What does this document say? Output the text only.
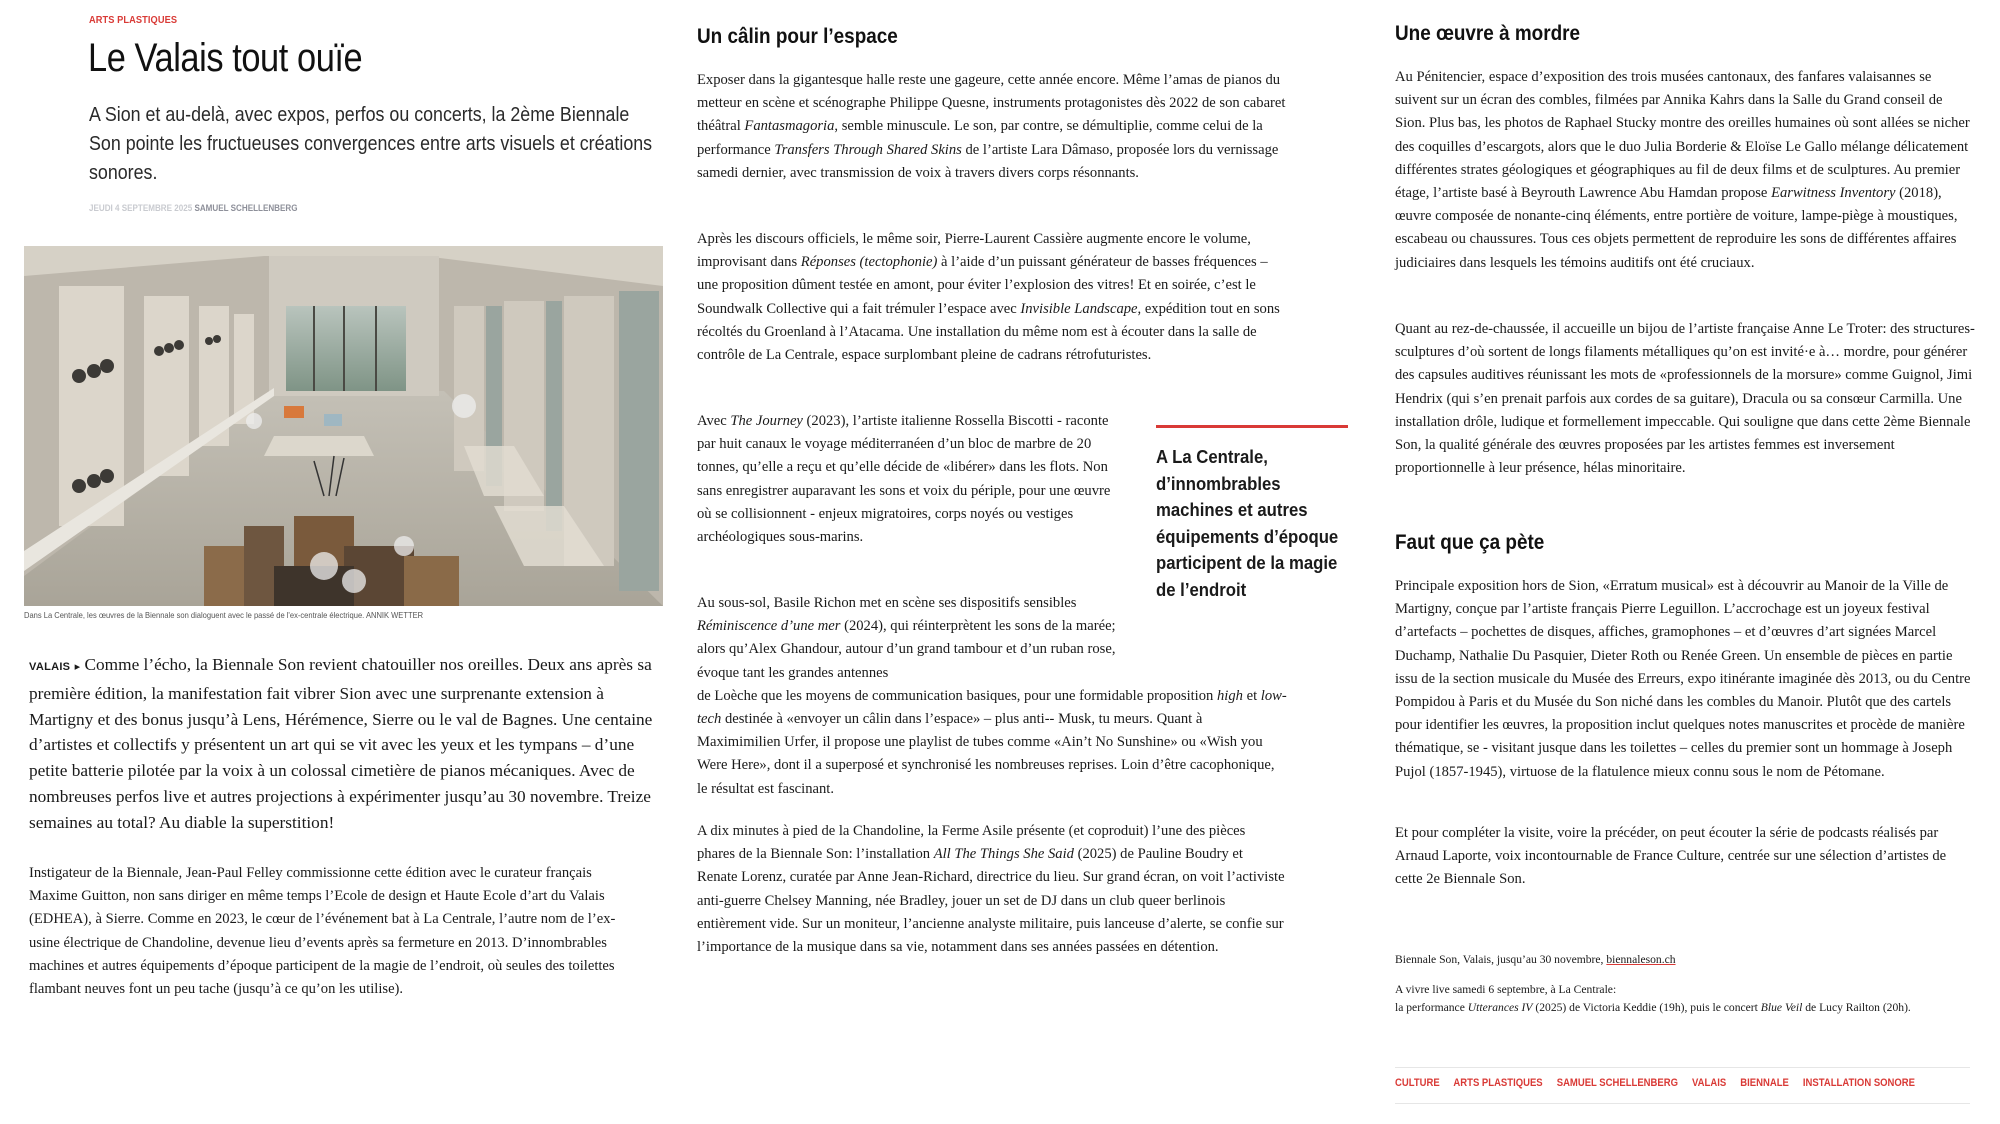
ARTS PLASTIQUES
Le Valais tout ouïe
A Sion et au-delà, avec expos, perfos ou concerts, la 2ème Biennale Son pointe les fructueuses convergences entre arts visuels et créations sonores.
JEUDI 4 SEPTEMBRE 2025 SAMUEL SCHELLENBERG
Dans La Centrale, les œuvres de la Biennale son dialoguent avec le passé de l'ex-centrale électrique. ANNIK WETTER
VALAIS ▸ Comme l’écho, la Biennale Son revient chatouiller nos oreilles. Deux ans après sa première édition, la manifestation fait vibrer Sion avec une surprenante extension à Martigny et des bonus jusqu’à Lens, Hérémence, Sierre ou le val de Bagnes. Une centaine d’artistes et collectifs y présentent un art qui se vit avec les yeux et les tympans – d’une petite batterie pilotée par la voix à un colossal cimetière de pianos mécaniques. Avec de nombreuses perfos live et autres projections à expérimenter jusqu’au 30 novembre. Treize semaines au total? Au diable la superstition!
Instigateur de la Biennale, Jean-Paul Felley commissionne cette édition avec le curateur français Maxime Guitton, non sans diriger en même temps l’Ecole de design et Haute Ecole d’art du Valais (EDHEA), à Sierre. Comme en 2023, le cœur de l’événement bat à La Centrale, l’autre nom de l’ex-usine électrique de Chandoline, devenue lieu d’events après sa fermeture en 2013. D’innombrables machines et autres équipements d’époque participent de la magie de l’endroit, où seules des toilettes flambant neuves font un peu tache (jusqu’à ce qu’on les utilise).
Un câlin pour l’espace

Exposer dans la gigantesque halle reste une gageure, cette année encore. Même l’amas de pianos du metteur en scène et scénographe Philippe Quesne, instruments protagonistes dès 2022 de son cabaret théâtral Fantasmagoria, semble minuscule. Le son, par contre, se démultiplie, comme celui de la performance Transfers Through Shared Skins de l’artiste Lara Dâmaso, proposée lors du vernissage samedi dernier, avec transmission de voix à travers divers corps résonnants.

Après les discours officiels, le même soir, Pierre-Laurent Cassière augmente encore le volume, improvisant dans Réponses (tectophonie) à l’aide d’un puissant générateur de basses fréquences – une proposition dûment testée en amont, pour éviter l’explosion des vitres! Et en soirée, c’est le Soundwalk Collective qui a fait trémuler l’espace avec Invisible Landscape, expédition tout en sons récoltés du Groenland à l’Atacama. Une installation du même nom est à écouter dans la salle de contrôle de La Centrale, espace surplombant pleine de cadrans rétrofuturistes.

Avec The Journey (2023), l’artiste italienne Rossella Biscotti - raconte par huit canaux le voyage méditerranéen d’un bloc de marbre de 20 tonnes, qu’elle a reçu et qu’elle décide de «libérer» dans les flots. Non sans enregistrer auparavant les sons et voix du périple, pour une œuvre où se collisionnent - enjeux migratoires, corps noyés ou vestiges archéologiques sous-marins.

Au sous-sol, Basile Richon met en scène ses dispositifs sensibles Réminiscence d’une mer (2024), qui réinterprètent les sons de la marée; alors qu’Alex Ghandour, autour d’un grand tambour et d’un ruban rose, évoque tant les grandes antennes
de Loèche que les moyens de communication basiques, pour une formidable proposition high et low-tech destinée à «envoyer un câlin dans l’espace» – plus anti-- Musk, tu meurs. Quant à Maximimilien Urfer, il propose une playlist de tubes comme «Ain’t No Sunshine» ou «Wish you Were Here», dont il a superposé et synchronisé les nombreuses reprises. Loin d’être cacophonique, le résultat est fascinant.

A dix minutes à pied de la Chandoline, la Ferme Asile présente (et coproduit) l’une des pièces phares de la Biennale Son: l’installation All The Things She Said (2025) de Pauline Boudry et Renate Lorenz, curatée par Anne Jean-Richard, directrice du lieu. Sur grand écran, on voit l’activiste anti-guerre Chelsey Manning, née Bradley, jouer un set de DJ dans un club queer berlinois entièrement vide. Sur un moniteur, l’ancienne analyste militaire, puis lanceuse d’alerte, se confie sur l’importance de la musique dans sa vie, notamment dans ses années passées en détention.

A La Centrale, d’innombrables machines et autres équipements d’époque participent de la magie de l’endroit
Une œuvre à mordre

Au Pénitencier, espace d’exposition des trois musées cantonaux, des fanfares valaisannes se suivent sur un écran des combles, filmées par Annika Kahrs dans la Salle du Grand conseil de Sion. Plus bas, les photos de Raphael Stucky montre des oreilles humaines où sont allées se nicher des coquilles d’escargots, alors que le duo Julia Borderie & Eloïse Le Gallo mélange délicatement différentes strates géologiques et géographiques au fil de deux films et de sculptures. Au premier étage, l’artiste basé à Beyrouth Lawrence Abu Hamdan propose Earwitness Inventory (2018), œuvre composée de nonante-cinq éléments, entre portière de voiture, lampe-piège à moustiques, escabeau ou chaussures. Tous ces objets permettent de reproduire les sons de différentes affaires judiciaires dans lesquels les témoins auditifs ont été cruciaux.

Quant au rez-de-chaussée, il accueille un bijou de l’artiste française Anne Le Troter: des structures-sculptures d’où sortent de longs filaments métalliques qu’on est invité·e à… mordre, pour générer des capsules auditives réunissant les mots de «professionnels de la morsure» comme Guignol, Jimi Hendrix (qui s’en prenait parfois aux cordes de sa guitare), Dracula ou sa consœur Carmilla. Une installation drôle, ludique et formellement impeccable. Qui souligne que dans cette 2ème Biennale Son, la qualité générale des œuvres proposées par les artistes femmes est inversement proportionnelle à leur présence, hélas minoritaire.

Faut que ça pète

Principale exposition hors de Sion, «Erratum musical» est à découvrir au Manoir de la Ville de Martigny, conçue par l’artiste français Pierre Leguillon. L’accrochage est un joyeux festival d’artefacts – pochettes de disques, affiches, gramophones – et d’œuvres d’art signées Marcel Duchamp, Nathalie Du Pasquier, Dieter Roth ou Renée Green. Un ensemble de pièces en partie issu de la section musicale du Musée des Erreurs, expo itinérante imaginée dès 2013, ou du Centre Pompidou à Paris et du Musée du Son niché dans les combles du Manoir. Plutôt que des cartels pour identifier les œuvres, la proposition inclut quelques notes manuscrites et procède de manière thématique, se - visitant jusque dans les toilettes – celles du premier sont un hommage à Joseph Pujol (1857-1945), virtuose de la flatulence mieux connu sous le nom de Pétomane.

Et pour compléter la visite, voire la précéder, on peut écouter la série de podcasts réalisés par Arnaud Laporte, voix incontournable de France Culture, centrée sur une sélection d’artistes de cette 2e Biennale Son.

Biennale Son, Valais, jusqu’au 30 novembre, biennaleson.ch
A vivre live samedi 6 septembre, à La Centrale:
la performance Utterances IV (2025) de Victoria Keddie (19h), puis le concert Blue Veil de Lucy Railton (20h).
CULTURE ARTS PLASTIQUES SAMUEL SCHELLENBERG VALAIS BIENNALE INSTALLATION SONORE
